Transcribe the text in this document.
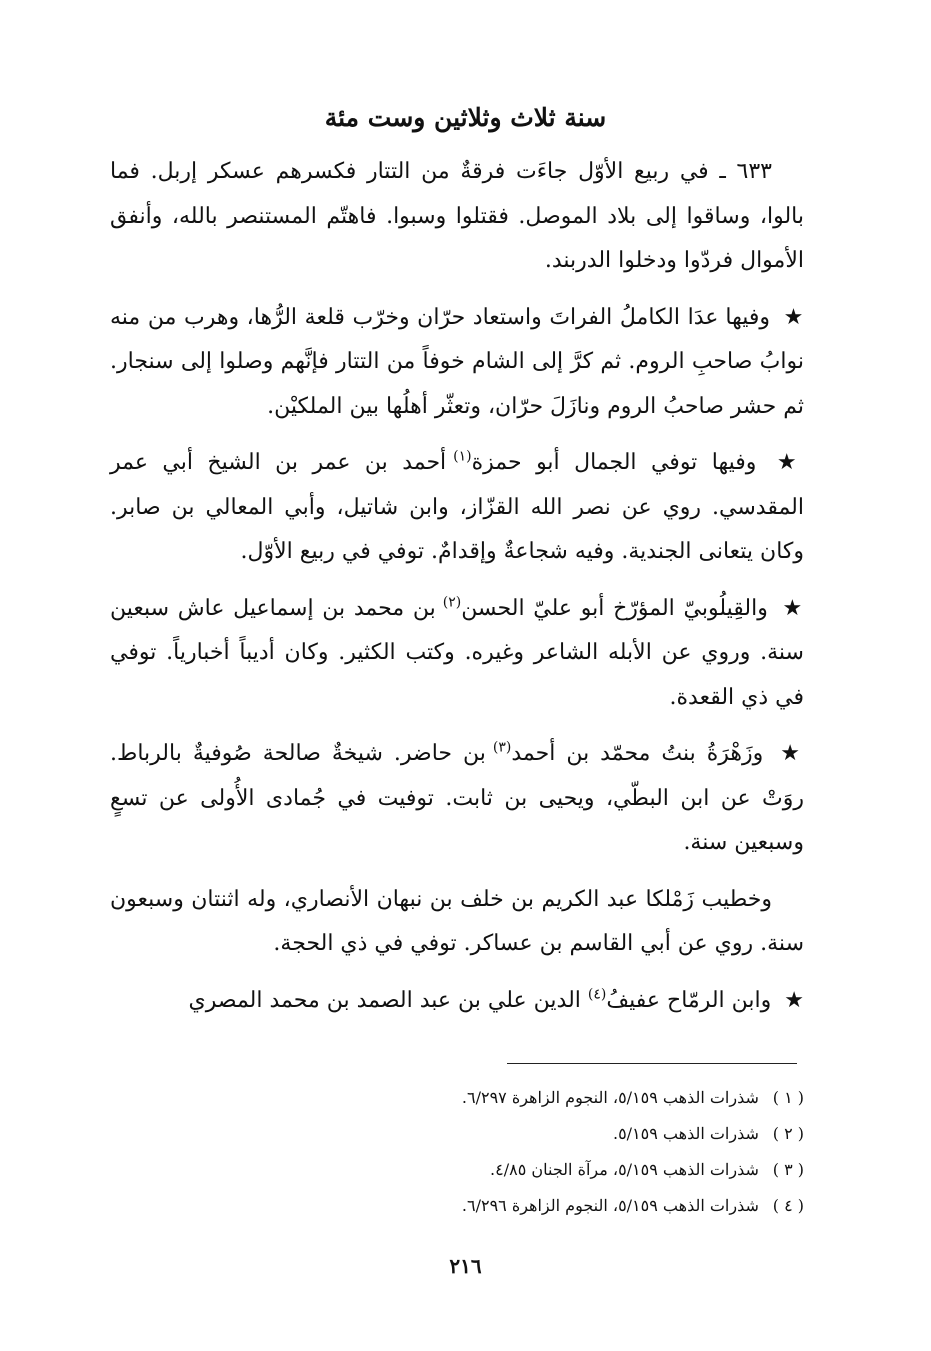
سنة ثلاث وثلاثين وست مئة

٦٣٣ ـ في ربيع الأوّل جاءَت فرقةٌ من التتار فكسرهم عسكر إربل. فما بالوا، وساقوا إلى بلاد الموصل. فقتلوا وسبوا. فاهتّم المستنصر بالله، وأنفق الأموال فردّوا ودخلوا الدربند.

★ وفيها عدَا الكاملُ الفراتَ واستعاد حرّان وخرّب قلعة الرُّها، وهرب من منه نوابُ صاحبِ الروم. ثم كرَّ إلى الشام خوفاً من التتار فإنَّهم وصلوا إلى سنجار. ثم حشر صاحبُ الروم ونازَلَ حرّان، وتعثّر أهلُها بين الملكيْن.

★ وفيها توفي الجمال أبو حمزة$^{(١)}$ أحمد بن عمر بن الشيخ أبي عمر المقدسي. روي عن نصر الله القزّاز، وابن شاتيل، وأبي المعالي بن صابر. وكان يتعانى الجندية. وفيه شجاعةٌ وإقدامٌ. توفي في ربيع الأوّل.

★ والقِيلُوبيّ المؤرّخ أبو عليّ الحسن$^{(٢)}$ بن محمد بن إسماعيل عاش سبعين سنة. وروي عن الأبله الشاعر وغيره. وكتب الكثير. وكان أديباً أخبارياً. توفي في ذي القعدة.

★ وزَهْرَةُ بنتُ محمّد بن أحمد$^{(٣)}$ بن حاضر. شيخةٌ صالحة صُوفيةٌ بالرباط. روَتْ عن ابن البطّي، ويحيى بن ثابت. توفيت في جُمادى الأُولى عن تسعٍ وسبعين سنة.

وخطيب زَمْلكا عبد الكريم بن خلف بن نبهان الأنصاري، وله اثنتان وسبعون سنة. روي عن أبي القاسم بن عساكر. توفي في ذي الحجة.

★ وابن الرمّاح عفيفُ$^{(٤)}$ الدين علي بن عبد الصمد بن محمد المصري

( ١ ) شذرات الذهب ٥/١٥٩، النجوم الزاهرة ٦/٢٩٧.

( ٢ ) شذرات الذهب ٥/١٥٩.

( ٣ ) شذرات الذهب ٥/١٥٩، مرآة الجنان ٤/٨٥.

( ٤ ) شذرات الذهب ٥/١٥٩، النجوم الزاهرة ٦/٢٩٦.

٢١٦
